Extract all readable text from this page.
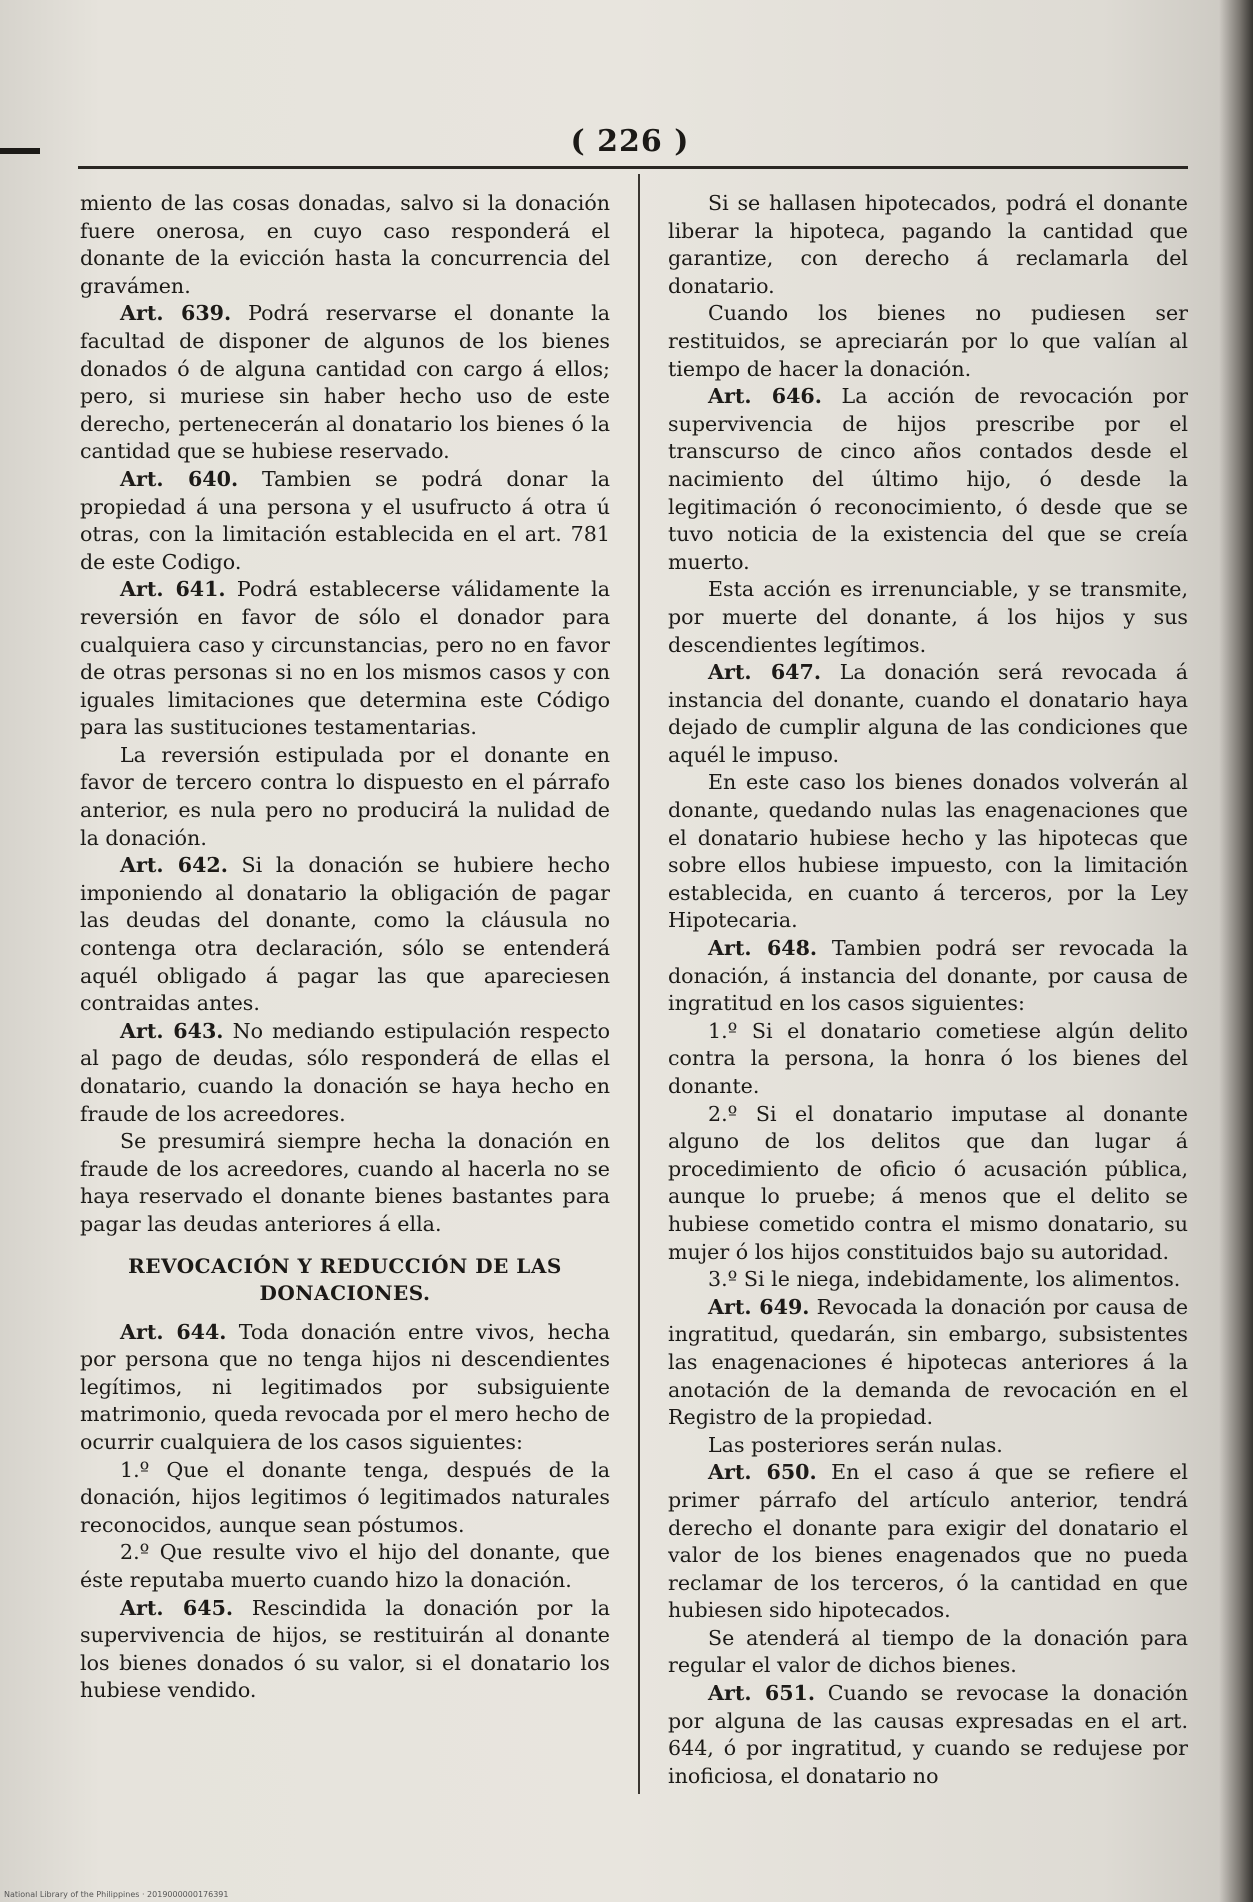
( 226 )

miento de las cosas donadas, salvo si la donación fuere onerosa, en cuyo caso responderá el donante de la evicción hasta la concurrencia del gravámen.

Art. 639. Podrá reservarse el donante la facultad de disponer de algunos de los bienes donados ó de alguna cantidad con cargo á ellos; pero, si muriese sin haber hecho uso de este derecho, pertenecerán al donatario los bienes ó la cantidad que se hubiese reservado.

Art. 640. Tambien se podrá donar la propiedad á una persona y el usufructo á otra ú otras, con la limitación establecida en el art. 781 de este Codigo.

Art. 641. Podrá establecerse válidamente la reversión en favor de sólo el donador para cualquiera caso y circunstancias, pero no en favor de otras personas si no en los mismos casos y con iguales limitaciones que determina este Código para las sustituciones testamentarias.

La reversión estipulada por el donante en favor de tercero contra lo dispuesto en el párrafo anterior, es nula pero no producirá la nulidad de la donación.

Art. 642. Si la donación se hubiere hecho imponiendo al donatario la obligación de pagar las deudas del donante, como la cláusula no contenga otra declaración, sólo se entenderá aquél obligado á pagar las que apareciesen contraidas antes.

Art. 643. No mediando estipulación respecto al pago de deudas, sólo responderá de ellas el donatario, cuando la donación se haya hecho en fraude de los acreedores.

Se presumirá siempre hecha la donación en fraude de los acreedores, cuando al hacerla no se haya reservado el donante bienes bastantes para pagar las deudas anteriores á ella.

REVOCACIÓN Y REDUCCIÓN DE LAS DONACIONES.

Art. 644. Toda donación entre vivos, hecha por persona que no tenga hijos ni descendientes legítimos, ni legitimados por subsiguiente matrimonio, queda revocada por el mero hecho de ocurrir cualquiera de los casos siguientes:

1.º Que el donante tenga, después de la donación, hijos legitimos ó legitimados naturales reconocidos, aunque sean póstumos.

2.º Que resulte vivo el hijo del donante, que éste reputaba muerto cuando hizo la donación.

Art. 645. Rescindida la donación por la supervivencia de hijos, se restituirán al donante los bienes donados ó su valor, si el donatario los hubiese vendido.

Si se hallasen hipotecados, podrá el donante liberar la hipoteca, pagando la cantidad que garantize, con derecho á reclamarla del donatario.

Cuando los bienes no pudiesen ser restituidos, se apreciarán por lo que valían al tiempo de hacer la donación.

Art. 646. La acción de revocación por supervivencia de hijos prescribe por el transcurso de cinco años contados desde el nacimiento del último hijo, ó desde la legitimación ó reconocimiento, ó desde que se tuvo noticia de la existencia del que se creía muerto.

Esta acción es irrenunciable, y se transmite, por muerte del donante, á los hijos y sus descendientes legítimos.

Art. 647. La donación será revocada á instancia del donante, cuando el donatario haya dejado de cumplir alguna de las condiciones que aquél le impuso.

En este caso los bienes donados volverán al donante, quedando nulas las enagenaciones que el donatario hubiese hecho y las hipotecas que sobre ellos hubiese impuesto, con la limitación establecida, en cuanto á terceros, por la Ley Hipotecaria.

Art. 648. Tambien podrá ser revocada la donación, á instancia del donante, por causa de ingratitud en los casos siguientes:

1.º Si el donatario cometiese algún delito contra la persona, la honra ó los bienes del donante.

2.º Si el donatario imputase al donante alguno de los delitos que dan lugar á procedimiento de oficio ó acusación pública, aunque lo pruebe; á menos que el delito se hubiese cometido contra el mismo donatario, su mujer ó los hijos constituidos bajo su autoridad.

3.º Si le niega, indebidamente, los alimentos.

Art. 649. Revocada la donación por causa de ingratitud, quedarán, sin embargo, subsistentes las enagenaciones é hipotecas anteriores á la anotación de la demanda de revocación en el Registro de la propiedad.

Las posteriores serán nulas.

Art. 650. En el caso á que se refiere el primer párrafo del artículo anterior, tendrá derecho el donante para exigir del donatario el valor de los bienes enagenados que no pueda reclamar de los terceros, ó la cantidad en que hubiesen sido hipotecados.

Se atenderá al tiempo de la donación para regular el valor de dichos bienes.

Art. 651. Cuando se revocase la donación por alguna de las causas expresadas en el art. 644, ó por ingratitud, y cuando se redujese por inoficiosa, el donatario no

National Library of the Philippines · 2019000000176391
